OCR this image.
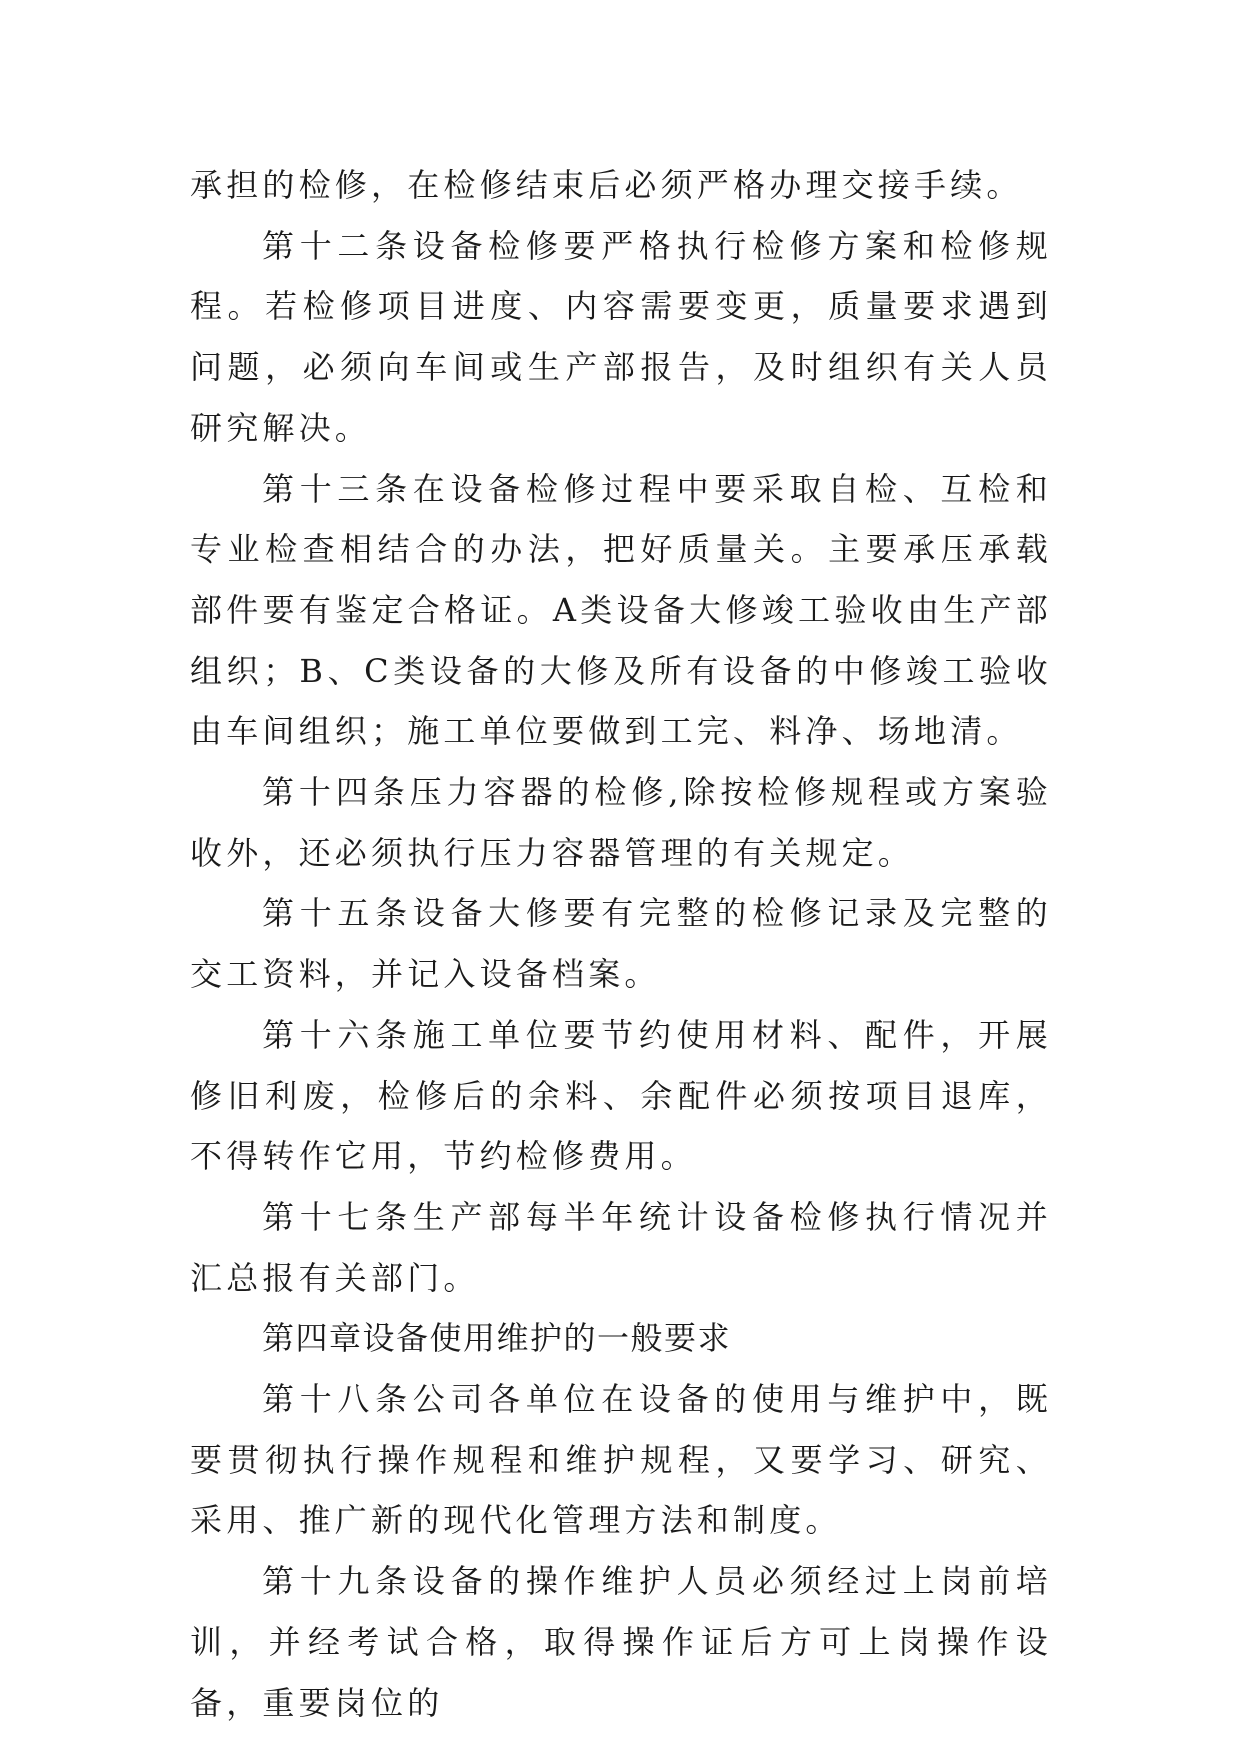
承担的检修，在检修结束后必须严格办理交接手续。

第十二条设备检修要严格执行检修方案和检修规程。若检修项目进度、内容需要变更，质量要求遇到问题，必须向车间或生产部报告，及时组织有关人员研究解决。

第十三条在设备检修过程中要采取自检、互检和专业检查相结合的办法，把好质量关。主要承压承载部件要有鉴定合格证。A类设备大修竣工验收由生产部组织；B、C类设备的大修及所有设备的中修竣工验收由车间组织；施工单位要做到工完、料净、场地清。

第十四条压力容器的检修,除按检修规程或方案验收外，还必须执行压力容器管理的有关规定。

第十五条设备大修要有完整的检修记录及完整的交工资料，并记入设备档案。

第十六条施工单位要节约使用材料、配件，开展修旧利废，检修后的余料、余配件必须按项目退库，不得转作它用，节约检修费用。

第十七条生产部每半年统计设备检修执行情况并汇总报有关部门。

第四章设备使用维护的一般要求

第十八条公司各单位在设备的使用与维护中，既要贯彻执行操作规程和维护规程，又要学习、研究、采用、推广新的现代化管理方法和制度。

第十九条设备的操作维护人员必须经过上岗前培训，并经考试合格，取得操作证后方可上岗操作设备，重要岗位的
